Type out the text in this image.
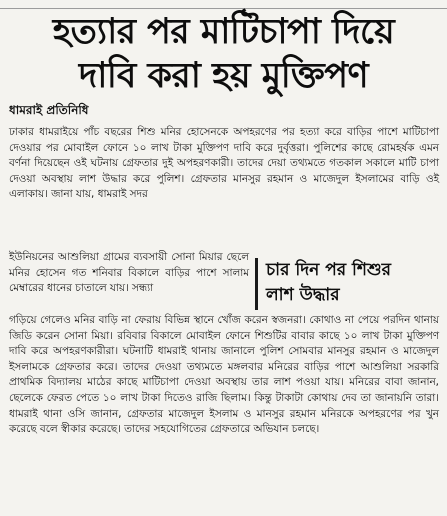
হত্যার পর মাটিচাপা দিয়ে
দাবি করা হয় মুক্তিপণ
ধামরাই প্রতিনিধি

ঢাকার ধামরাইয়ে পাঁচ বছরের শিশু মনির হোসেনকে অপহরণের পর হত্যা করে বাড়ির পাশে মাটিচাপা দেওয়ার পর মোবাইল ফোনে ১০ লাখ টাকা মুক্তিপণ দাবি করে দুর্বৃত্তরা। পুলিশের কাছে রোমহর্ষক এমন বর্ণনা দিয়েছেন ওই ঘটনায় গ্রেফতার দুই অপহরণকারী। তাদের দেয়া তথ্যমতে গতকাল সকালে মাটি চাপা দেওয়া অবস্থায় লাশ উদ্ধার করে পুলিশ। গ্রেফতার মানসুর রহমান ও মাজেদুল ইসলামের বাড়ি ওই এলাকায়। জানা যায়, ধামরাই সদর

ইউনিয়নের আশুলিয়া গ্রামের ব্যবসায়ী সোনা মিয়ার ছেলে মনির হোসেন গত শনিবার বিকালে বাড়ির পাশে সালাম মেম্বারের ধানের চাতালে যায়। সন্ধ্যা

চার দিন পর শিশুর
লাশ উদ্ধার

গড়িয়ে গেলেও মনির বাড়ি না ফেরায় বিভিন্ন স্থানে খোঁজ করেন স্বজনরা। কোথাও না পেয়ে পরদিন থানায় জিডি করেন সোনা মিয়া। রবিবার বিকালে মোবাইল ফোনে শিশুটির বাবার কাছে ১০ লাখ টাকা মুক্তিপণ দাবি করে অপহরণকারীরা। ঘটনাটি ধামরাই থানায় জানালে পুলিশ সোমবার মানসুর রহমান ও মাজেদুল ইসলামকে গ্রেফতার করে। তাদের দেওয়া তথ্যমতে মঙ্গলবার মনিরের বাড়ির পাশে আশুলিয়া সরকারি প্রাথমিক বিদ্যালয় মাঠের কাছে মাটিচাপা দেওয়া অবস্থায় তার লাশ পওয়া যায়। মনিরের বাবা জানান, ছেলেকে ফেরত পেতে ১০ লাখ টাকা দিতেও রাজি ছিলাম। কিন্তু টাকাটা কোথায় দেব তা জানায়নি তারা। ধামরাই থানা ওসি জানান, গ্রেফতার মাজেদুল ইসলাম ও মানসুর রহমান মনিরকে অপহরণের পর খুন করেছে বলে স্বীকার করেছে। তাদের সহযোগিতের গ্রেফতারে অভিযান চলছে।
